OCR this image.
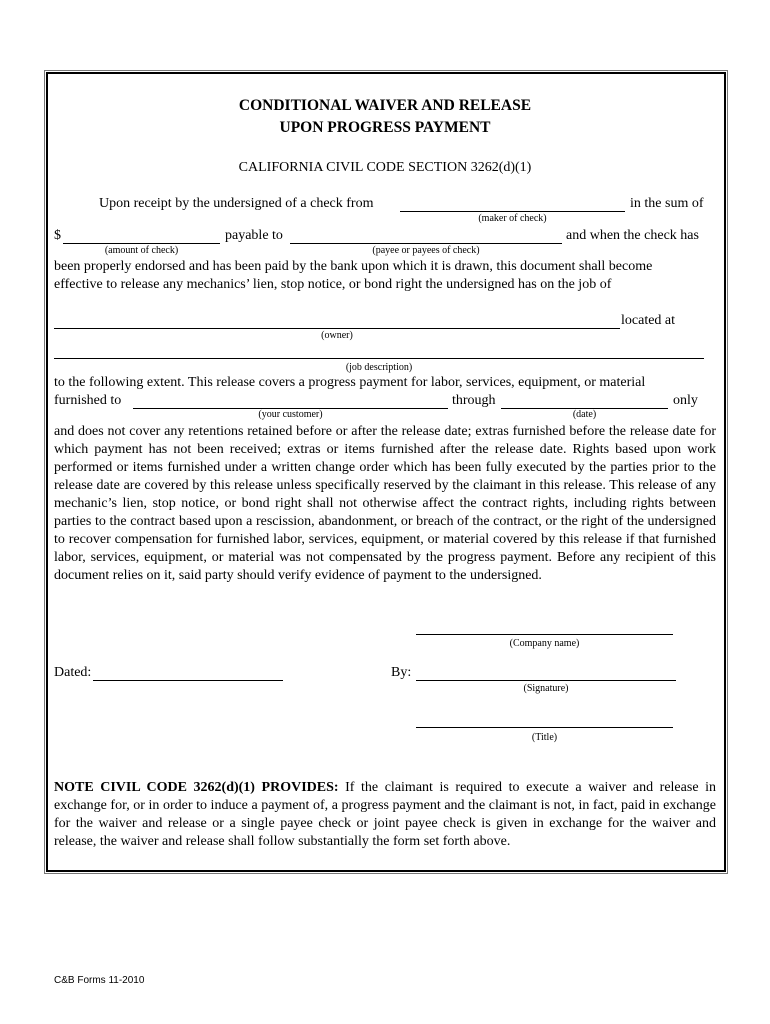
CONDITIONAL WAIVER AND RELEASE
UPON PROGRESS PAYMENT
CALIFORNIA CIVIL CODE SECTION 3262(d)(1)
Upon receipt by the undersigned of a check from	in the sum of
(maker of check)
$	payable to	and when the check has
(amount of check)	(payee or payees of check)
been properly endorsed and has been paid by the bank upon which it is drawn, this document shall become
effective to release any mechanics’ lien, stop notice, or bond right the undersigned has on the job of
located at
(owner)
(job description)
to the following extent. This release covers a progress payment for labor, services, equipment, or material
furnished to	through	only
(your customer)	(date)
and does not cover any retentions retained before or after the release date; extras furnished before the release date for which payment has not been received; extras or items furnished after the release date. Rights based upon work performed or items furnished under a written change order which has been fully executed by the parties prior to the release date are covered by this release unless specifically reserved by the claimant in this release. This release of any mechanic’s lien, stop notice, or bond right shall not otherwise affect the contract rights, including rights between parties to the contract based upon a rescission, abandonment, or breach of the contract, or the right of the undersigned to recover compensation for furnished labor, services, equipment, or material covered by this release if that furnished labor, services, equipment, or material was not compensated by the progress payment. Before any recipient of this document relies on it, said party should verify evidence of payment to the undersigned.
(Company name)
Dated:	By:
(Signature)
(Title)
NOTE CIVIL CODE 3262(d)(1) PROVIDES: If the claimant is required to execute a waiver and release in exchange for, or in order to induce a payment of, a progress payment and the claimant is not, in fact, paid in exchange for the waiver and release or a single payee check or joint payee check is given in exchange for the waiver and release, the waiver and release shall follow substantially the form set forth above.
C&B Forms 11-2010
